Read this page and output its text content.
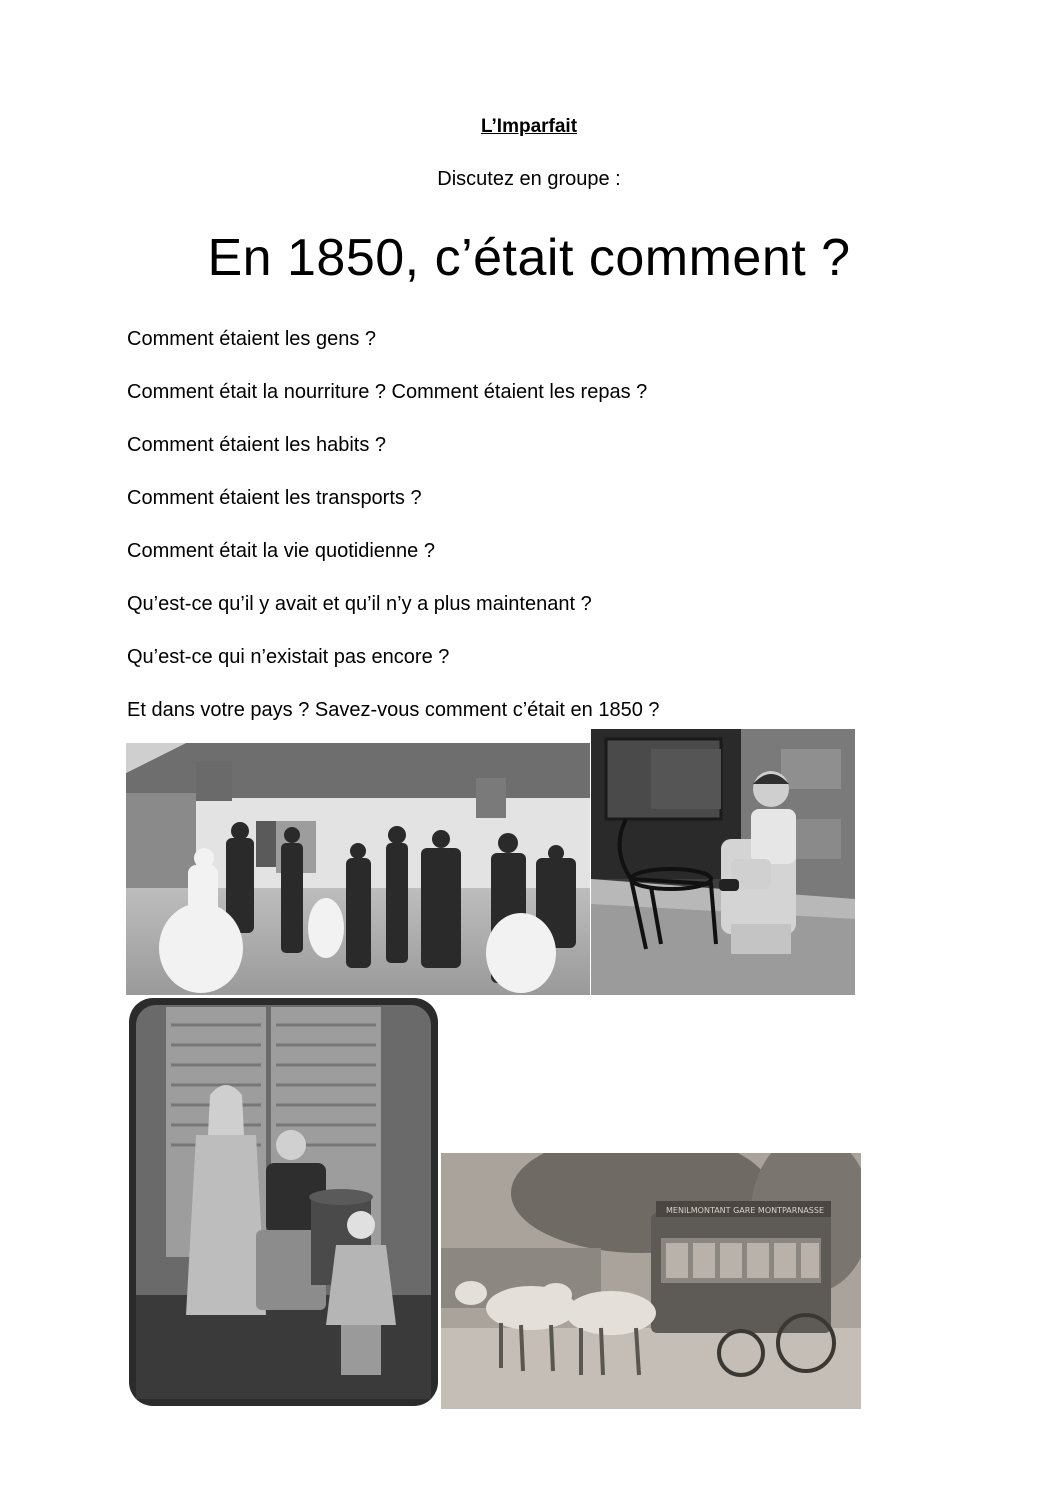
L’Imparfait
Discutez en groupe :
En 1850, c’était comment ?
Comment étaient les gens ?
Comment était la nourriture ? Comment étaient les repas ?
Comment étaient les habits ?
Comment étaient les transports ?
Comment était la vie quotidienne ?
Qu’est-ce qu’il y avait et qu’il n’y a plus maintenant ?
Qu’est-ce qui n’existait pas encore ?
Et dans votre pays ? Savez-vous comment c’était en 1850 ?
MENILMONTANT GARE MONTPARNASSE
